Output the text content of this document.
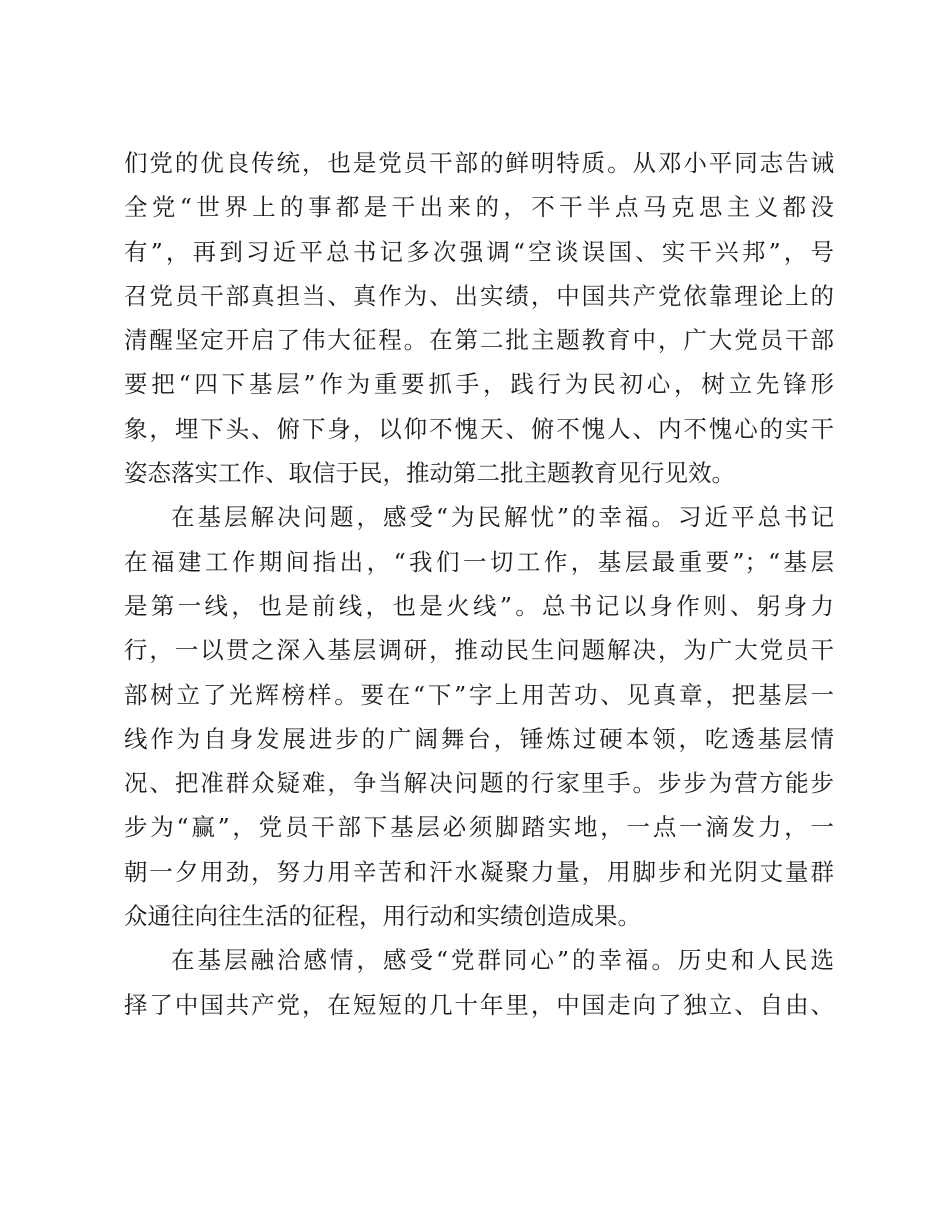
们党的优良传统，也是党员干部的鲜明特质。从邓小平同志告诫
全党“世界上的事都是干出来的，不干半点马克思主义都没
有”，再到习近平总书记多次强调“空谈误国、实干兴邦”，号
召党员干部真担当、真作为、出实绩，中国共产党依靠理论上的
清醒坚定开启了伟大征程。在第二批主题教育中，广大党员干部
要把“四下基层”作为重要抓手，践行为民初心，树立先锋形
象，埋下头、俯下身，以仰不愧天、俯不愧人、内不愧心的实干
姿态落实工作、取信于民，推动第二批主题教育见行见效。
在基层解决问题，感受“为民解忧”的幸福。习近平总书记
在福建工作期间指出，“我们一切工作，基层最重要”；“基层
是第一线，也是前线，也是火线”。总书记以身作则、躬身力
行，一以贯之深入基层调研，推动民生问题解决，为广大党员干
部树立了光辉榜样。要在“下”字上用苦功、见真章，把基层一
线作为自身发展进步的广阔舞台，锤炼过硬本领，吃透基层情
况、把准群众疑难，争当解决问题的行家里手。步步为营方能步
步为“赢”，党员干部下基层必须脚踏实地，一点一滴发力，一
朝一夕用劲，努力用辛苦和汗水凝聚力量，用脚步和光阴丈量群
众通往向往生活的征程，用行动和实绩创造成果。
在基层融洽感情，感受“党群同心”的幸福。历史和人民选
择了中国共产党，在短短的几十年里，中国走向了独立、自由、
